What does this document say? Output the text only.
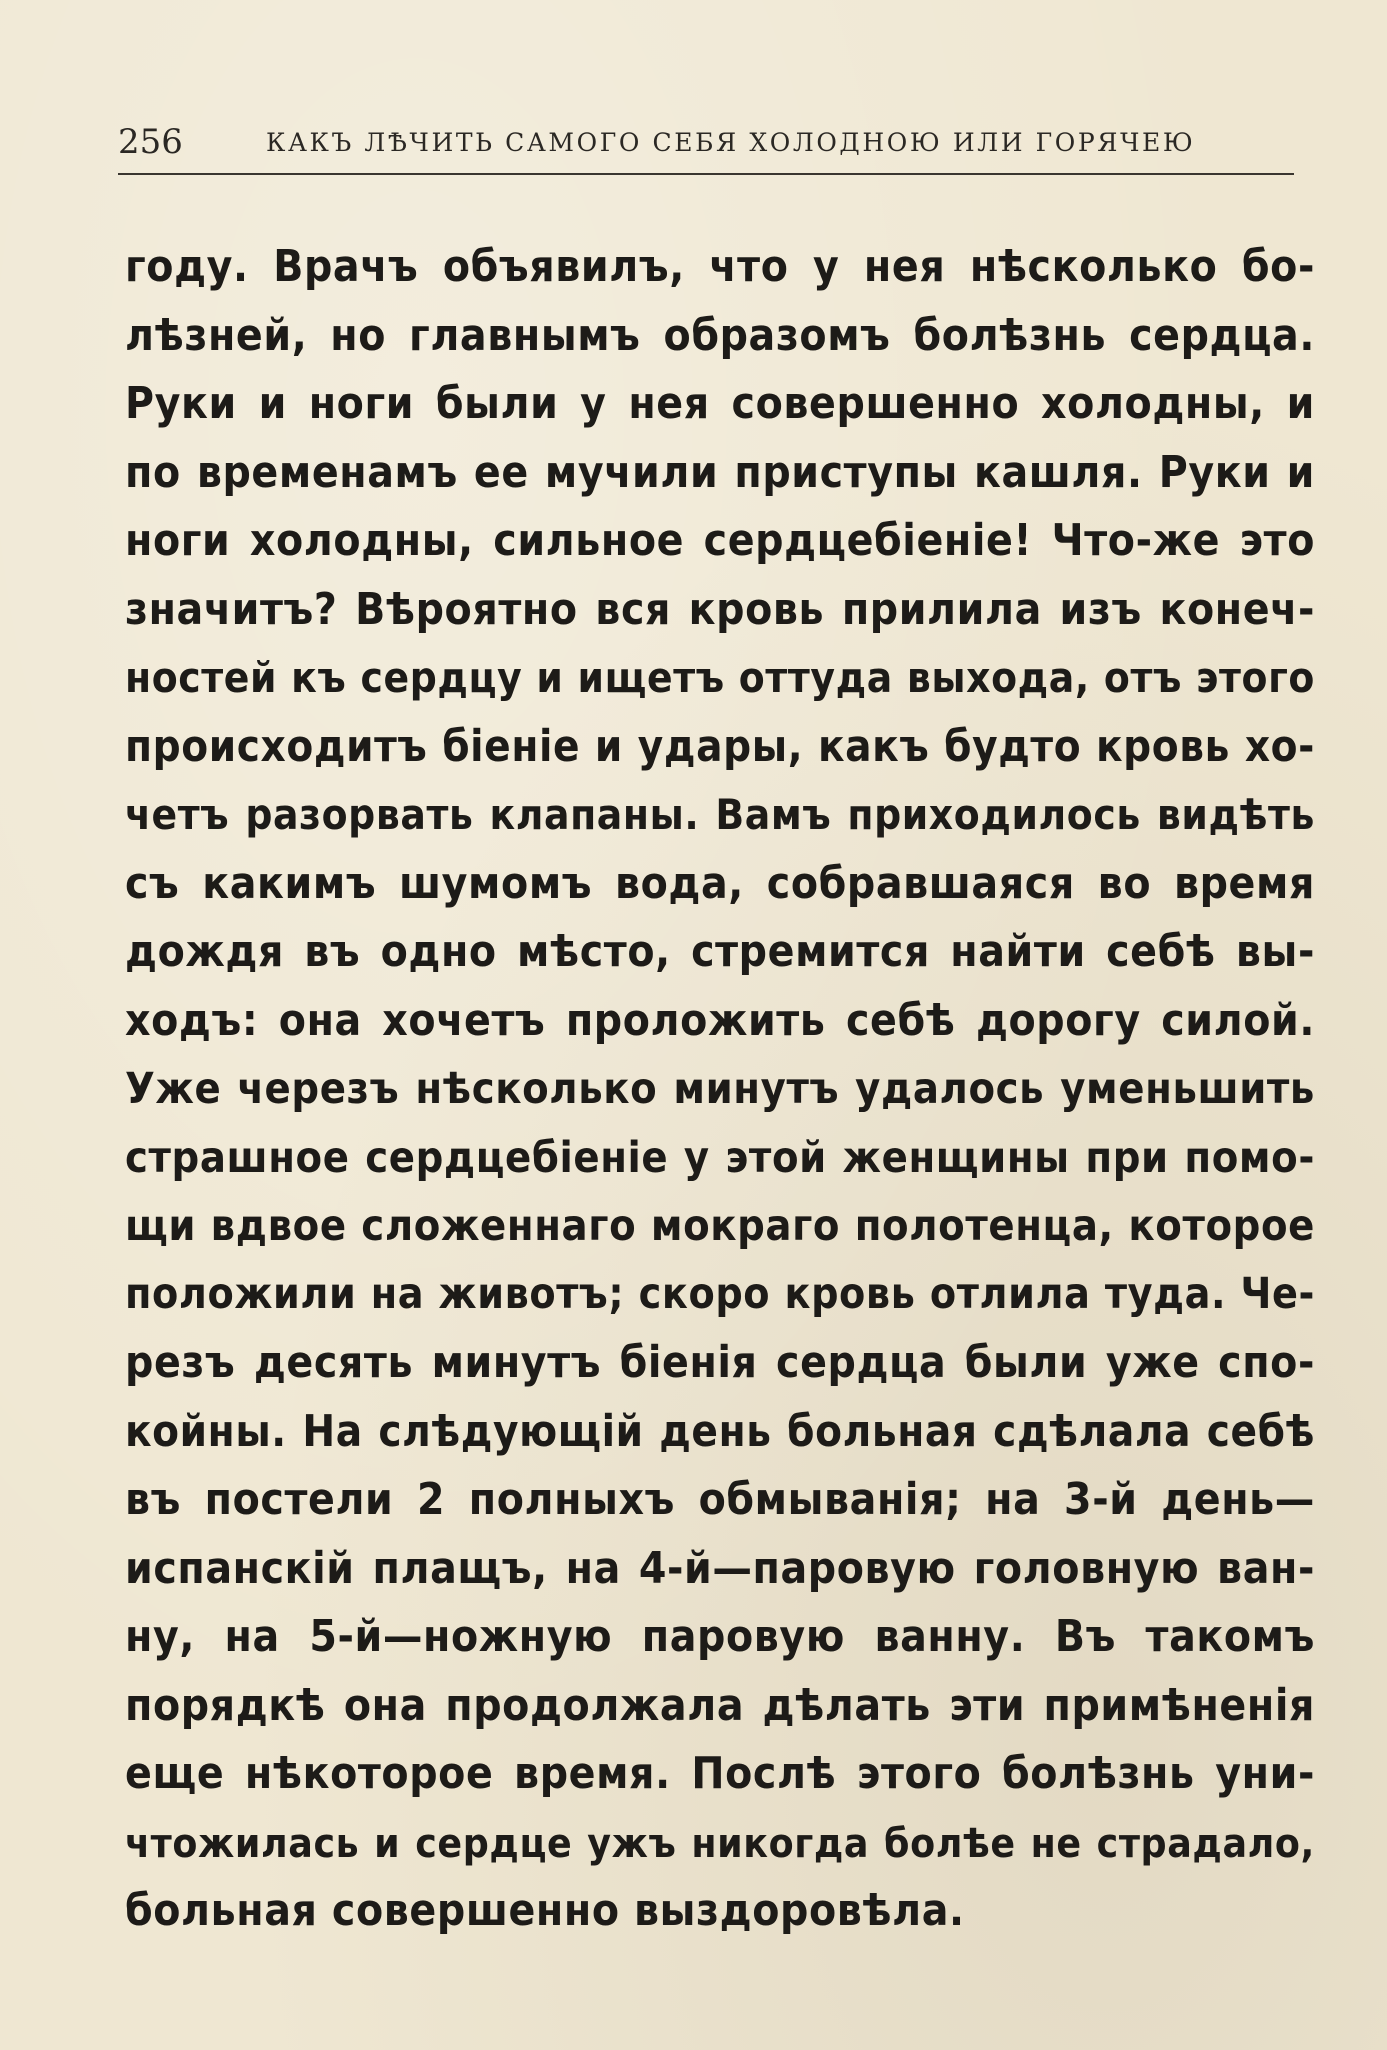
256	КАКЪ ЛѢЧИТЬ САМОГО СЕБЯ ХОЛОДНОЮ ИЛИ ГОРЯЧЕЮ
году. Врачъ объявилъ, что у нея нѣсколько бо-
лѣзней, но главнымъ образомъ болѣзнь сердца.
Руки и ноги были у нея совершенно холодны, и
по временамъ ее мучили приступы кашля. Руки и
ноги холодны, сильное сердцебіеніе! Что-же это
значитъ? Вѣроятно вся кровь прилила изъ конеч-
ностей къ сердцу и ищетъ оттуда выхода, отъ этого
происходитъ біеніе и удары, какъ будто кровь хо-
четъ разорвать клапаны. Вамъ приходилось видѣть
съ какимъ шумомъ вода, собравшаяся во время
дождя въ одно мѣсто, стремится найти себѣ вы-
ходъ: она хочетъ проложить себѣ дорогу силой.
Уже черезъ нѣсколько минутъ удалось уменьшить
страшное сердцебіеніе у этой женщины при помо-
щи вдвое сложеннаго мокраго полотенца, которое
положили на животъ; скоро кровь отлила туда. Че-
резъ десять минутъ біенія сердца были уже спо-
койны. На слѣдующій день больная сдѣлала себѣ
въ постели 2 полныхъ обмыванія; на 3-й день—
испанскій плащъ, на 4-й—паровую головную ван-
ну, на 5-й—ножную паровую ванну. Въ такомъ
порядкѣ она продолжала дѣлать эти примѣненія
еще нѣкоторое время. Послѣ этого болѣзнь уни-
чтожилась и сердце ужъ никогда болѣе не страдало,
больная совершенно выздоровѣла.
